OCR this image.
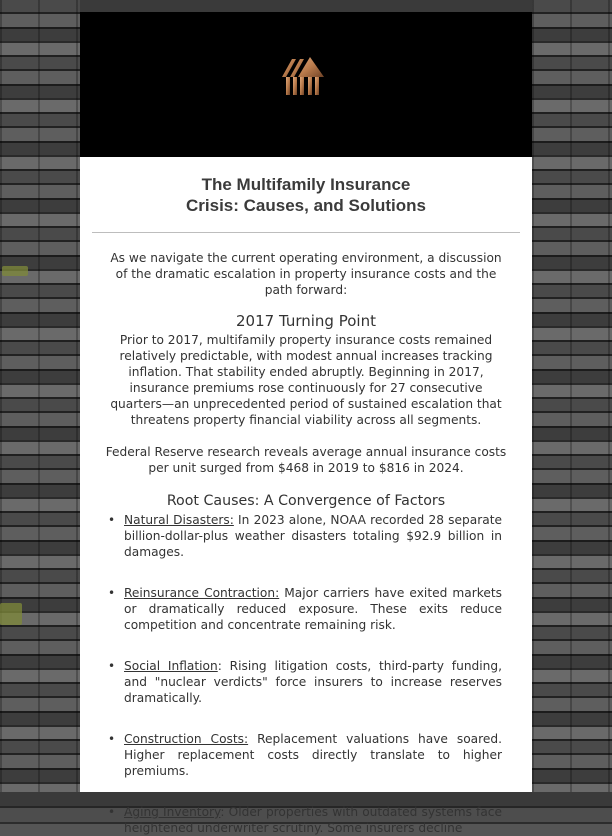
The Multifamily Insurance
Crisis: Causes, and Solutions
As we navigate the current operating environment, a discussion of the dramatic escalation in property insurance costs and the path forward:
2017 Turning Point
Prior to 2017, multifamily property insurance costs remained relatively predictable, with modest annual increases tracking inflation. That stability ended abruptly. Beginning in 2017, insurance premiums rose continuously for 27 consecutive quarters—an unprecedented period of sustained escalation that threatens property financial viability across all segments.
Federal Reserve research reveals average annual insurance costs per unit surged from $468 in 2019 to $816 in 2024.
Root Causes: A Convergence of Factors
• Natural Disasters: In 2023 alone, NOAA recorded 28 separate billion-dollar-plus weather disasters totaling $92.9 billion in damages.
• Reinsurance Contraction: Major carriers have exited markets or dramatically reduced exposure. These exits reduce competition and concentrate remaining risk.
• Social Inflation: Rising litigation costs, third-party funding, and "nuclear verdicts" force insurers to increase reserves dramatically.
• Construction Costs: Replacement valuations have soared. Higher replacement costs directly translate to higher premiums.
• Aging Inventory: Older properties with outdated systems face heightened underwriter scrutiny. Some insurers decline
